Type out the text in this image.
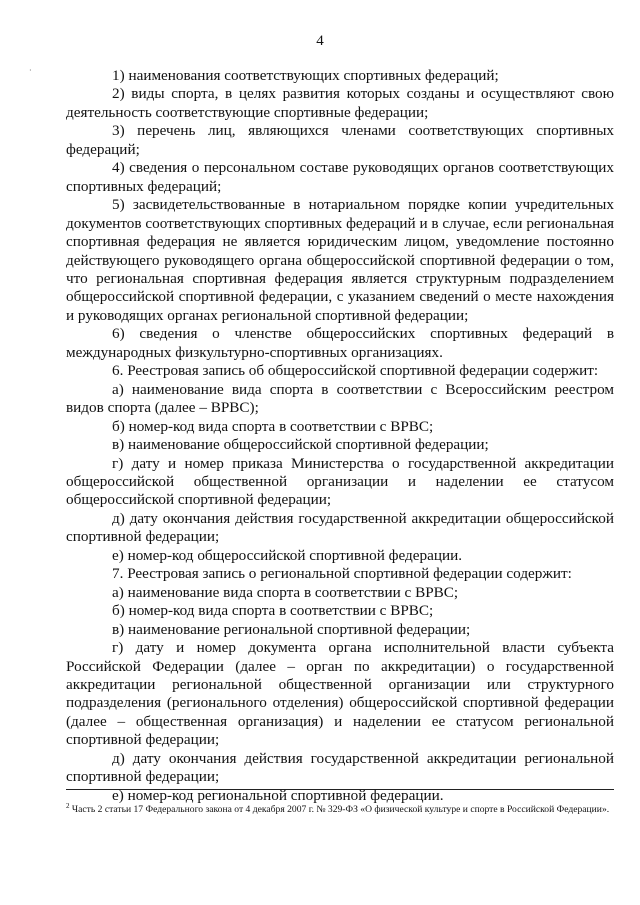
4
·	1) наименования соответствующих спортивных федераций;

2) виды спорта, в целях развития которых созданы и осуществляют свою деятельность соответствующие спортивные федерации;

3) перечень лиц, являющихся членами соответствующих спортивных федераций;

4) сведения о персональном составе руководящих органов соответствующих спортивных федераций;

5) засвидетельствованные в нотариальном порядке копии учредительных документов соответствующих спортивных федераций и в случае, если региональная спортивная федерация не является юридическим лицом, уведомление постоянно действующего руководящего органа общероссийской спортивной федерации о том, что региональная спортивная федерация является структурным подразделением общероссийской спортивной федерации, с указанием сведений о месте нахождения и руководящих органах региональной спортивной федерации;

6) сведения о членстве общероссийских спортивных федераций в международных физкультурно-спортивных организациях.

6. Реестровая запись об общероссийской спортивной федерации содержит:

а) наименование вида спорта в соответствии с Всероссийским реестром видов спорта (далее – ВРВС);

б) номер-код вида спорта в соответствии с ВРВС;

в) наименование общероссийской спортивной федерации;

г) дату и номер приказа Министерства о государственной аккредитации общероссийской общественной организации и наделении ее статусом общероссийской спортивной федерации;

д) дату окончания действия государственной аккредитации общероссийской спортивной федерации;

е) номер-код общероссийской спортивной федерации.

7. Реестровая запись о региональной спортивной федерации содержит:

а) наименование вида спорта в соответствии с ВРВС;

б) номер-код вида спорта в соответствии с ВРВС;

в) наименование региональной спортивной федерации;

г) дату и номер документа органа исполнительной власти субъекта Российской Федерации (далее – орган по аккредитации) о государственной аккредитации региональной общественной организации или структурного подразделения (регионального отделения) общероссийской спортивной федерации (далее – общественная организация) и наделении ее статусом региональной спортивной федерации;

д) дату окончания действия государственной аккредитации региональной спортивной федерации;

е) номер-код региональной спортивной федерации.

$^2$ Часть 2 статьи 17 Федерального закона от 4 декабря 2007 г. № 329-ФЗ «О физической культуре и спорте в Российской Федерации».
